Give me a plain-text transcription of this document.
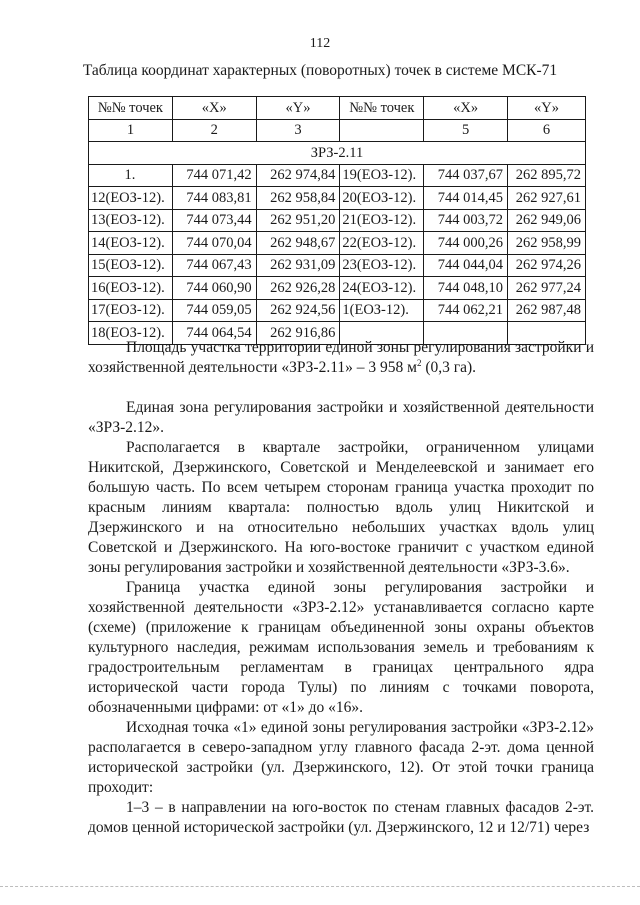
112
Таблица координат характерных (поворотных) точек в системе МСК-71
№№ точек	«X»	«Y»	№№ точек	«X»	«Y»
1	2	3		5	6
ЗРЗ-2.11					
1.	744 071,42	262 974,84	19(ЕОЗ-12).	744 037,67	262 895,72
12(ЕОЗ-12).	744 083,81	262 958,84	20(ЕОЗ-12).	744 014,45	262 927,61
13(ЕОЗ-12).	744 073,44	262 951,20	21(ЕОЗ-12).	744 003,72	262 949,06
14(ЕОЗ-12).	744 070,04	262 948,67	22(ЕОЗ-12).	744 000,26	262 958,99
15(ЕОЗ-12).	744 067,43	262 931,09	23(ЕОЗ-12).	744 044,04	262 974,26
16(ЕОЗ-12).	744 060,90	262 926,28	24(ЕОЗ-12).	744 048,10	262 977,24
17(ЕОЗ-12).	744 059,05	262 924,56	1(ЕОЗ-12).	744 062,21	262 987,48
18(ЕОЗ-12).	744 064,54	262 916,86			

Площадь участка территории единой зоны регулирования застройки и хозяйственной деятельности «ЗРЗ-2.11» – 3 958 $м^2$ (0,3 га).

Единая зона регулирования застройки и хозяйственной деятельности «ЗРЗ-2.12».

Располагается в квартале застройки, ограниченном улицами Никитской, Дзержинского, Советской и Менделеевской и занимает его большую часть. По всем четырем сторонам граница участка проходит по красным линиям квартала: полностью вдоль улиц Никитской и Дзержинского и на относительно небольших участках вдоль улиц Советской и Дзержинского. На юго-востоке граничит с участком единой зоны регулирования застройки и хозяйственной деятельности «ЗРЗ-3.6».

Граница участка единой зоны регулирования застройки и хозяйственной деятельности «ЗРЗ-2.12» устанавливается согласно карте (схеме) (приложение к границам объединенной зоны охраны объектов культурного наследия, режимам использования земель и требованиям к градостроительным регламентам в границах центрального ядра исторической части города Тулы) по линиям с точками поворота, обозначенными цифрами: от «1» до «16».

Исходная точка «1» единой зоны регулирования застройки «ЗРЗ-2.12» располагается в северо-западном углу главного фасада 2-эт. дома ценной исторической застройки (ул. Дзержинского, 12). От этой точки граница проходит:

1–3 – в направлении на юго-восток по стенам главных фасадов 2-эт. домов ценной исторической застройки (ул. Дзержинского, 12 и 12/71) через
